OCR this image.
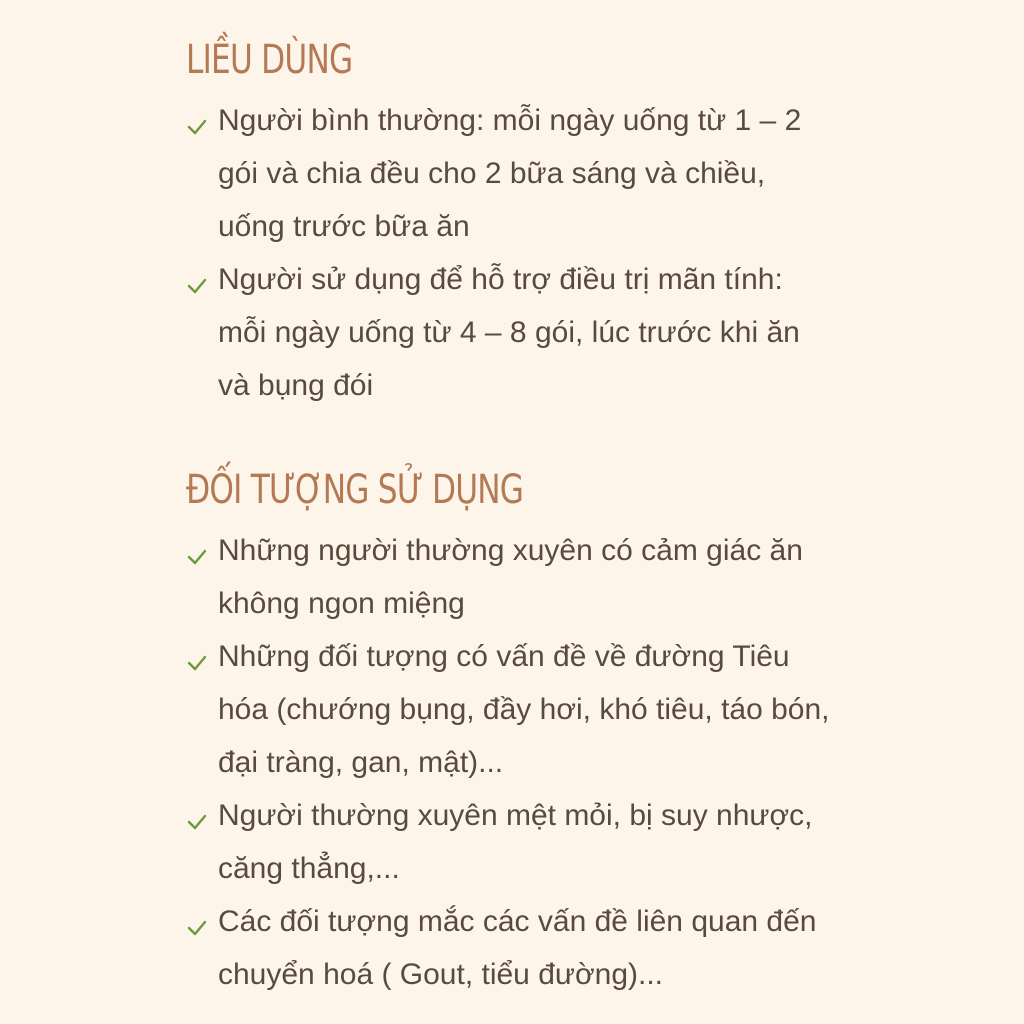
LIỀU DÙNG
Người bình thường: mỗi ngày uống từ 1 – 2 gói và chia đều cho 2 bữa sáng và chiều, uống trước bữa ăn
Người sử dụng để hỗ trợ điều trị mãn tính: mỗi ngày uống từ 4 – 8 gói, lúc trước khi ăn và bụng đói
ĐỐI TƯỢNG SỬ DỤNG
Những người thường xuyên có cảm giác ăn không ngon miệng
Những đối tượng có vấn đề về đường Tiêu hóa (chướng bụng, đầy hơi, khó tiêu, táo bón, đại tràng, gan, mật)...
Người thường xuyên mệt mỏi, bị suy nhược, căng thẳng,...
Các đối tượng mắc các vấn đề liên quan đến chuyển hoá ( Gout, tiểu đường)...
